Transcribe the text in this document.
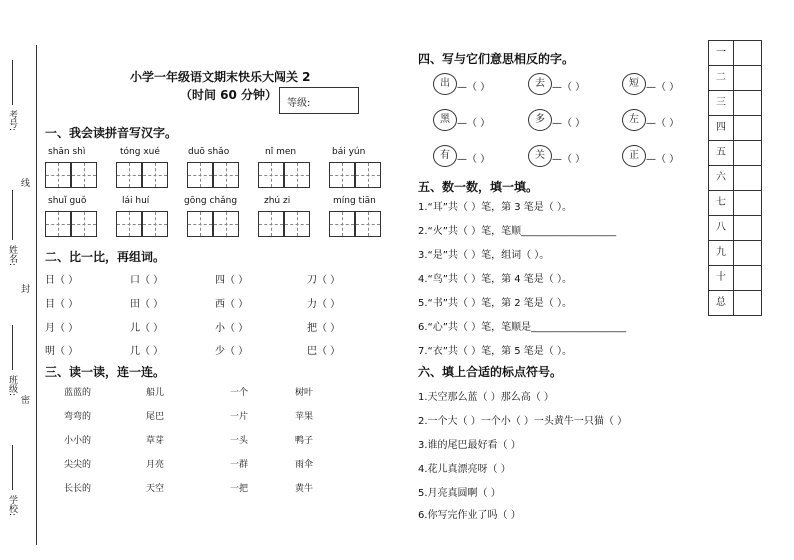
考号:
线
姓名:
封
班级:
密
学校:
小学一年级语文期末快乐大闯关 2
（时间 60 分钟）
等级:
一、我会读拼音写汉字。
shān shì	tóng xué	duō shǎo	nǐ men	bái yún
shuǐ guǒ	lái huí	gōng chǎng	zhú zi	míng tiān
二、比一比，再组词。
日（ ）	口（ ）	四（ ）	刀（ ）
目（ ）	田（ ）	西（ ）	力（ ）
月（ ）	儿（ ）	小（ ）	把（ ）
明（ ）	几（ ）	少（ ）	巴（ ）
三、读一读，连一连。
蓝蓝的
弯弯的
小小的
尖尖的
长长的
船儿
尾巴
草芽
月亮
天空
一个
一片
一头
一群
一把
树叶
苹果
鸭子
雨伞
黄牛
四、写与它们意思相反的字。
出 —（ ）	去 —（ ）	短 —（ ）
黑 —（ ）	多 —（ ）	左 —（ ）
有 —（ ）	关 —（ ）	正 —（ ）
五、数一数，填一填。
1.“耳”共（ ）笔，第 3 笔是（ ）。
2.“火”共（ ）笔，笔顺___________________
3.“是”共（ ）笔，组词（ ）。
4.“鸟”共（ ）笔，第 4 笔是（ ）。
5.“书”共（ ）笔，第 2 笔是（ ）。
6.“心”共（ ）笔，笔顺是___________________
7.“衣”共（ ）笔，第 5 笔是（ ）。
六、填上合适的标点符号。
1.天空那么蓝（ ）那么高（ ）
2.一个大（ ）一个小（ ）一头黄牛一只猫（ ）
3.谁的尾巴最好看（ ）
4.花儿真漂亮呀（ ）
5.月亮真圆啊（ ）
6.你写完作业了吗（ ）
一
二
三
四
五
六
七
八
九
十
总
